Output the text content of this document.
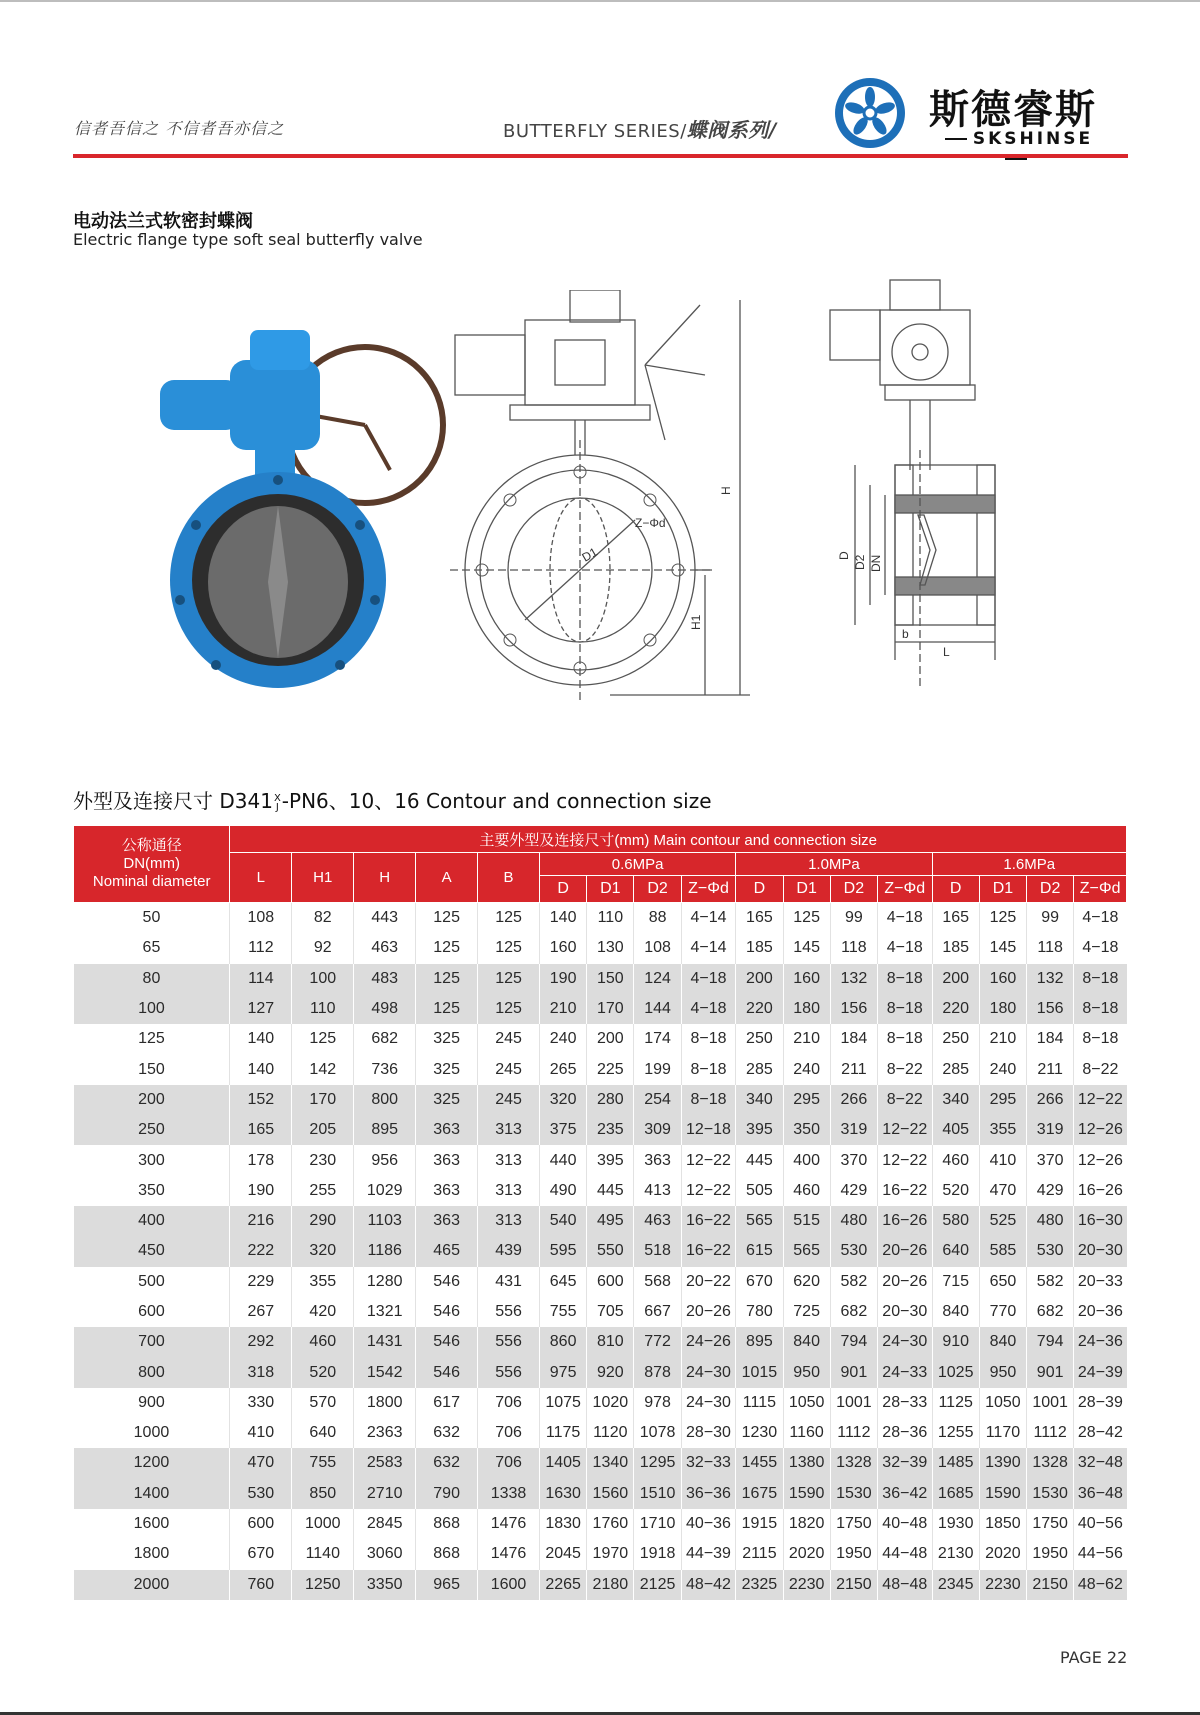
信者吾信之 不信者吾亦信之	BUTTERFLY SERIES/蝶阀系列/	斯德睿斯
SKSHINSE
电动法兰式软密封蝶阀
Electric flange type soft seal butterfly valve
H
H1
D1
Z−Φd
D D2 DN
b
L
外型及连接尺寸 D341X
J -PN6、10、16 Contour and connection size
公称通径
DN(mm)
Nominal diameter	主要外型及连接尺寸(mm) Main contour and connection size																
	L	H1	H	A	B	0.6MPa				1.0MPa				1.6MPa			
						D	D1	D2	Z−Φd	D	D1	D2	Z−Φd	D	D1	D2	Z−Φd
50	108	82	443	125	125	140	110	88	4−14	165	125	99	4−18	165	125	99	4−18
65	112	92	463	125	125	160	130	108	4−14	185	145	118	4−18	185	145	118	4−18
80	114	100	483	125	125	190	150	124	4−18	200	160	132	8−18	200	160	132	8−18
100	127	110	498	125	125	210	170	144	4−18	220	180	156	8−18	220	180	156	8−18
125	140	125	682	325	245	240	200	174	8−18	250	210	184	8−18	250	210	184	8−18
150	140	142	736	325	245	265	225	199	8−18	285	240	211	8−22	285	240	211	8−22
200	152	170	800	325	245	320	280	254	8−18	340	295	266	8−22	340	295	266	12−22
250	165	205	895	363	313	375	235	309	12−18	395	350	319	12−22	405	355	319	12−26
300	178	230	956	363	313	440	395	363	12−22	445	400	370	12−22	460	410	370	12−26
350	190	255	1029	363	313	490	445	413	12−22	505	460	429	16−22	520	470	429	16−26
400	216	290	1103	363	313	540	495	463	16−22	565	515	480	16−26	580	525	480	16−30
450	222	320	1186	465	439	595	550	518	16−22	615	565	530	20−26	640	585	530	20−30
500	229	355	1280	546	431	645	600	568	20−22	670	620	582	20−26	715	650	582	20−33
600	267	420	1321	546	556	755	705	667	20−26	780	725	682	20−30	840	770	682	20−36
700	292	460	1431	546	556	860	810	772	24−26	895	840	794	24−30	910	840	794	24−36
800	318	520	1542	546	556	975	920	878	24−30	1015	950	901	24−33	1025	950	901	24−39
900	330	570	1800	617	706	1075	1020	978	24−30	1115	1050	1001	28−33	1125	1050	1001	28−39
1000	410	640	2363	632	706	1175	1120	1078	28−30	1230	1160	1112	28−36	1255	1170	1112	28−42
1200	470	755	2583	632	706	1405	1340	1295	32−33	1455	1380	1328	32−39	1485	1390	1328	32−48
1400	530	850	2710	790	1338	1630	1560	1510	36−36	1675	1590	1530	36−42	1685	1590	1530	36−48
1600	600	1000	2845	868	1476	1830	1760	1710	40−36	1915	1820	1750	40−48	1930	1850	1750	40−56
1800	670	1140	3060	868	1476	2045	1970	1918	44−39	2115	2020	1950	44−48	2130	2020	1950	44−56
2000	760	1250	3350	965	1600	2265	2180	2125	48−42	2325	2230	2150	48−48	2345	2230	2150	48−62
PAGE 22
